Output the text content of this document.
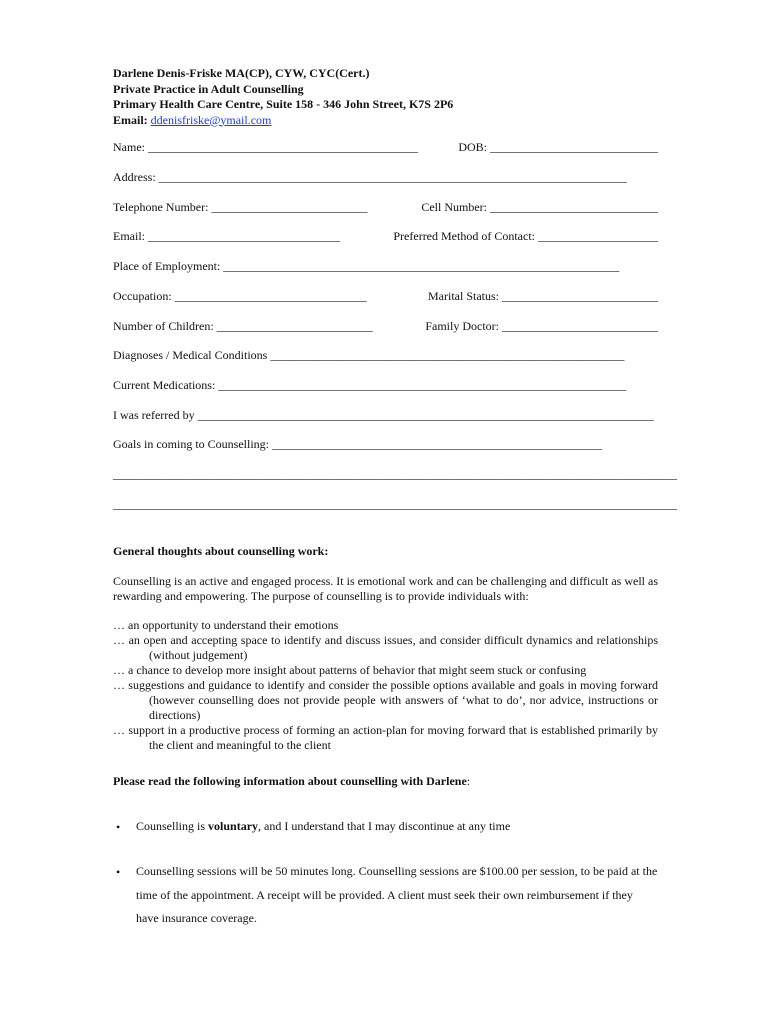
Darlene Denis-Friske MA(CP), CYW, CYC(Cert.)
Private Practice in Adult Counselling
Primary Health Care Centre, Suite 158 - 346 John Street, K7S 2P6
Email: ddenisfriske@ymail.com
Name: _____________________________________________	DOB: ____________________________
Address: ______________________________________________________________________________
Telephone Number: __________________________	Cell Number: ____________________________
Email: ________________________________	Preferred Method of Contact: ____________________
Place of Employment: __________________________________________________________________
Occupation: ________________________________	Marital Status: __________________________
Number of Children: __________________________	Family Doctor: __________________________
Diagnoses / Medical Conditions ___________________________________________________________
Current Medications: ____________________________________________________________________
I was referred by ____________________________________________________________________________
Goals in coming to Counselling: _______________________________________________________
______________________________________________________________________________________________
______________________________________________________________________________________________
General thoughts about counselling work:
Counselling is an active and engaged process. It is emotional work and can be challenging and difficult as well as rewarding and empowering. The purpose of counselling is to provide individuals with:
… an opportunity to understand their emotions
… an open and accepting space to identify and discuss issues, and consider difficult dynamics and relationships (without judgement)
… a chance to develop more insight about patterns of behavior that might seem stuck or confusing
… suggestions and guidance to identify and consider the possible options available and goals in moving forward (however counselling does not provide people with answers of ‘what to do’, nor advice, instructions or directions)
… support in a productive process of forming an action-plan for moving forward that is established primarily by the client and meaningful to the client
Please read the following information about counselling with Darlene:
• Counselling is voluntary, and I understand that I may discontinue at any time
• Counselling sessions will be 50 minutes long. Counselling sessions are $100.00 per session, to be paid at the time of the appointment. A receipt will be provided. A client must seek their own reimbursement if they have insurance coverage.
